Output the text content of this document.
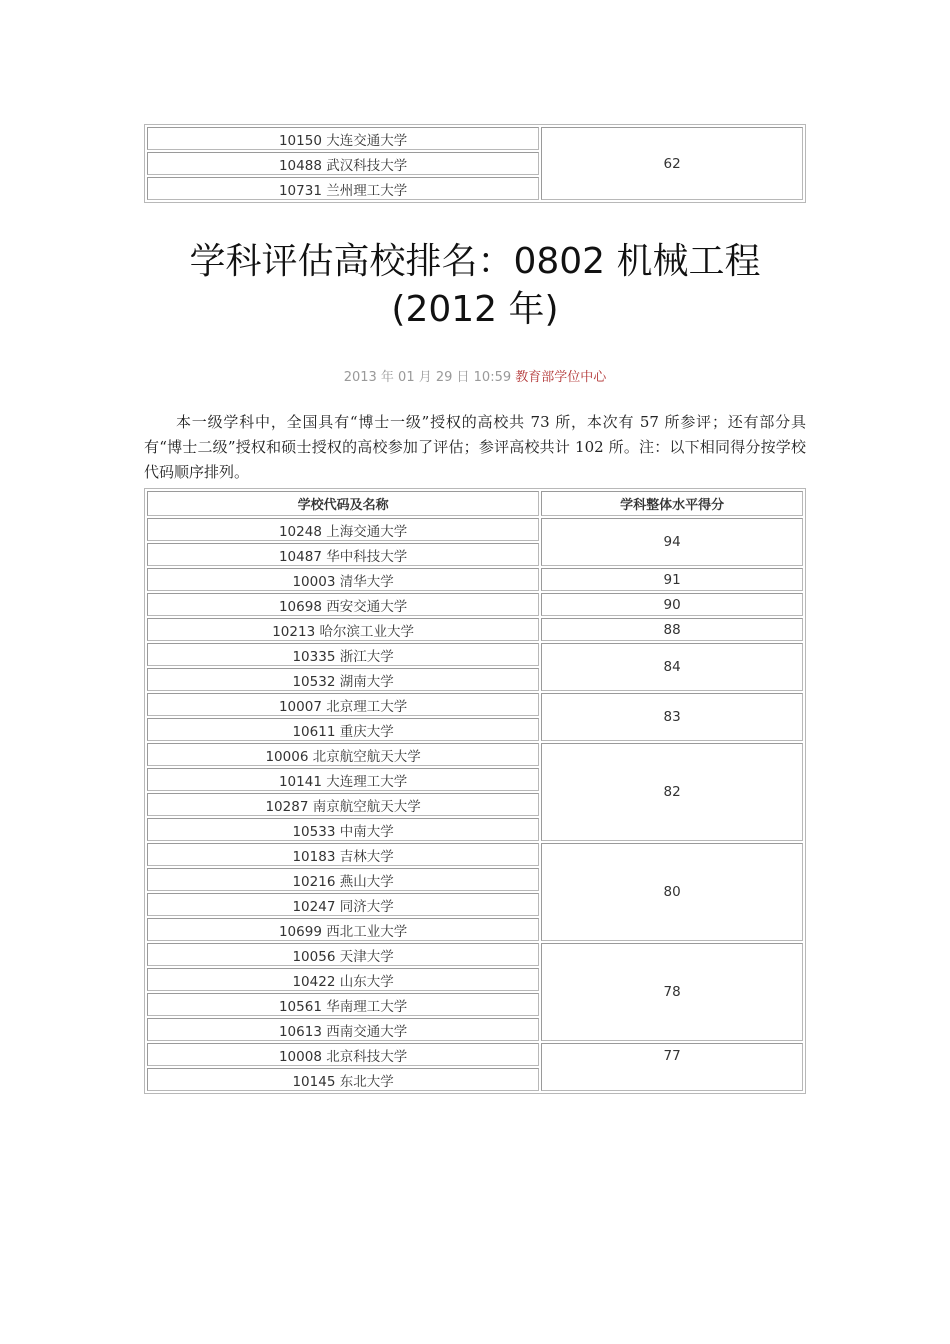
10150 大连交通大学	62
10488 武汉科技大学
10731 兰州理工大学
学科评估高校排名：0802 机械工程
(2012 年)
2013 年 01 月 29 日 10:59 教育部学位中心

本一级学科中，全国具有“博士一级”授权的高校共 73 所，本次有 57 所参评；还有部分具有“博士二级”授权和硕士授权的高校参加了评估；参评高校共计 102 所。注：以下相同得分按学校代码顺序排列。

学校代码及名称	学科整体水平得分
10248 上海交通大学	94
10487 华中科技大学	
10003 清华大学	91
10698 西安交通大学	90
10213 哈尔滨工业大学	88
10335 浙江大学	84
10532 湖南大学	
10007 北京理工大学	83
10611 重庆大学	
10006 北京航空航天大学	82
10141 大连理工大学	
10287 南京航空航天大学	
10533 中南大学	
10183 吉林大学	80
10216 燕山大学	
10247 同济大学	
10699 西北工业大学	
10056 天津大学	78
10422 山东大学	
10561 华南理工大学	
10613 西南交通大学	
10008 北京科技大学	77
10145 东北大学	
